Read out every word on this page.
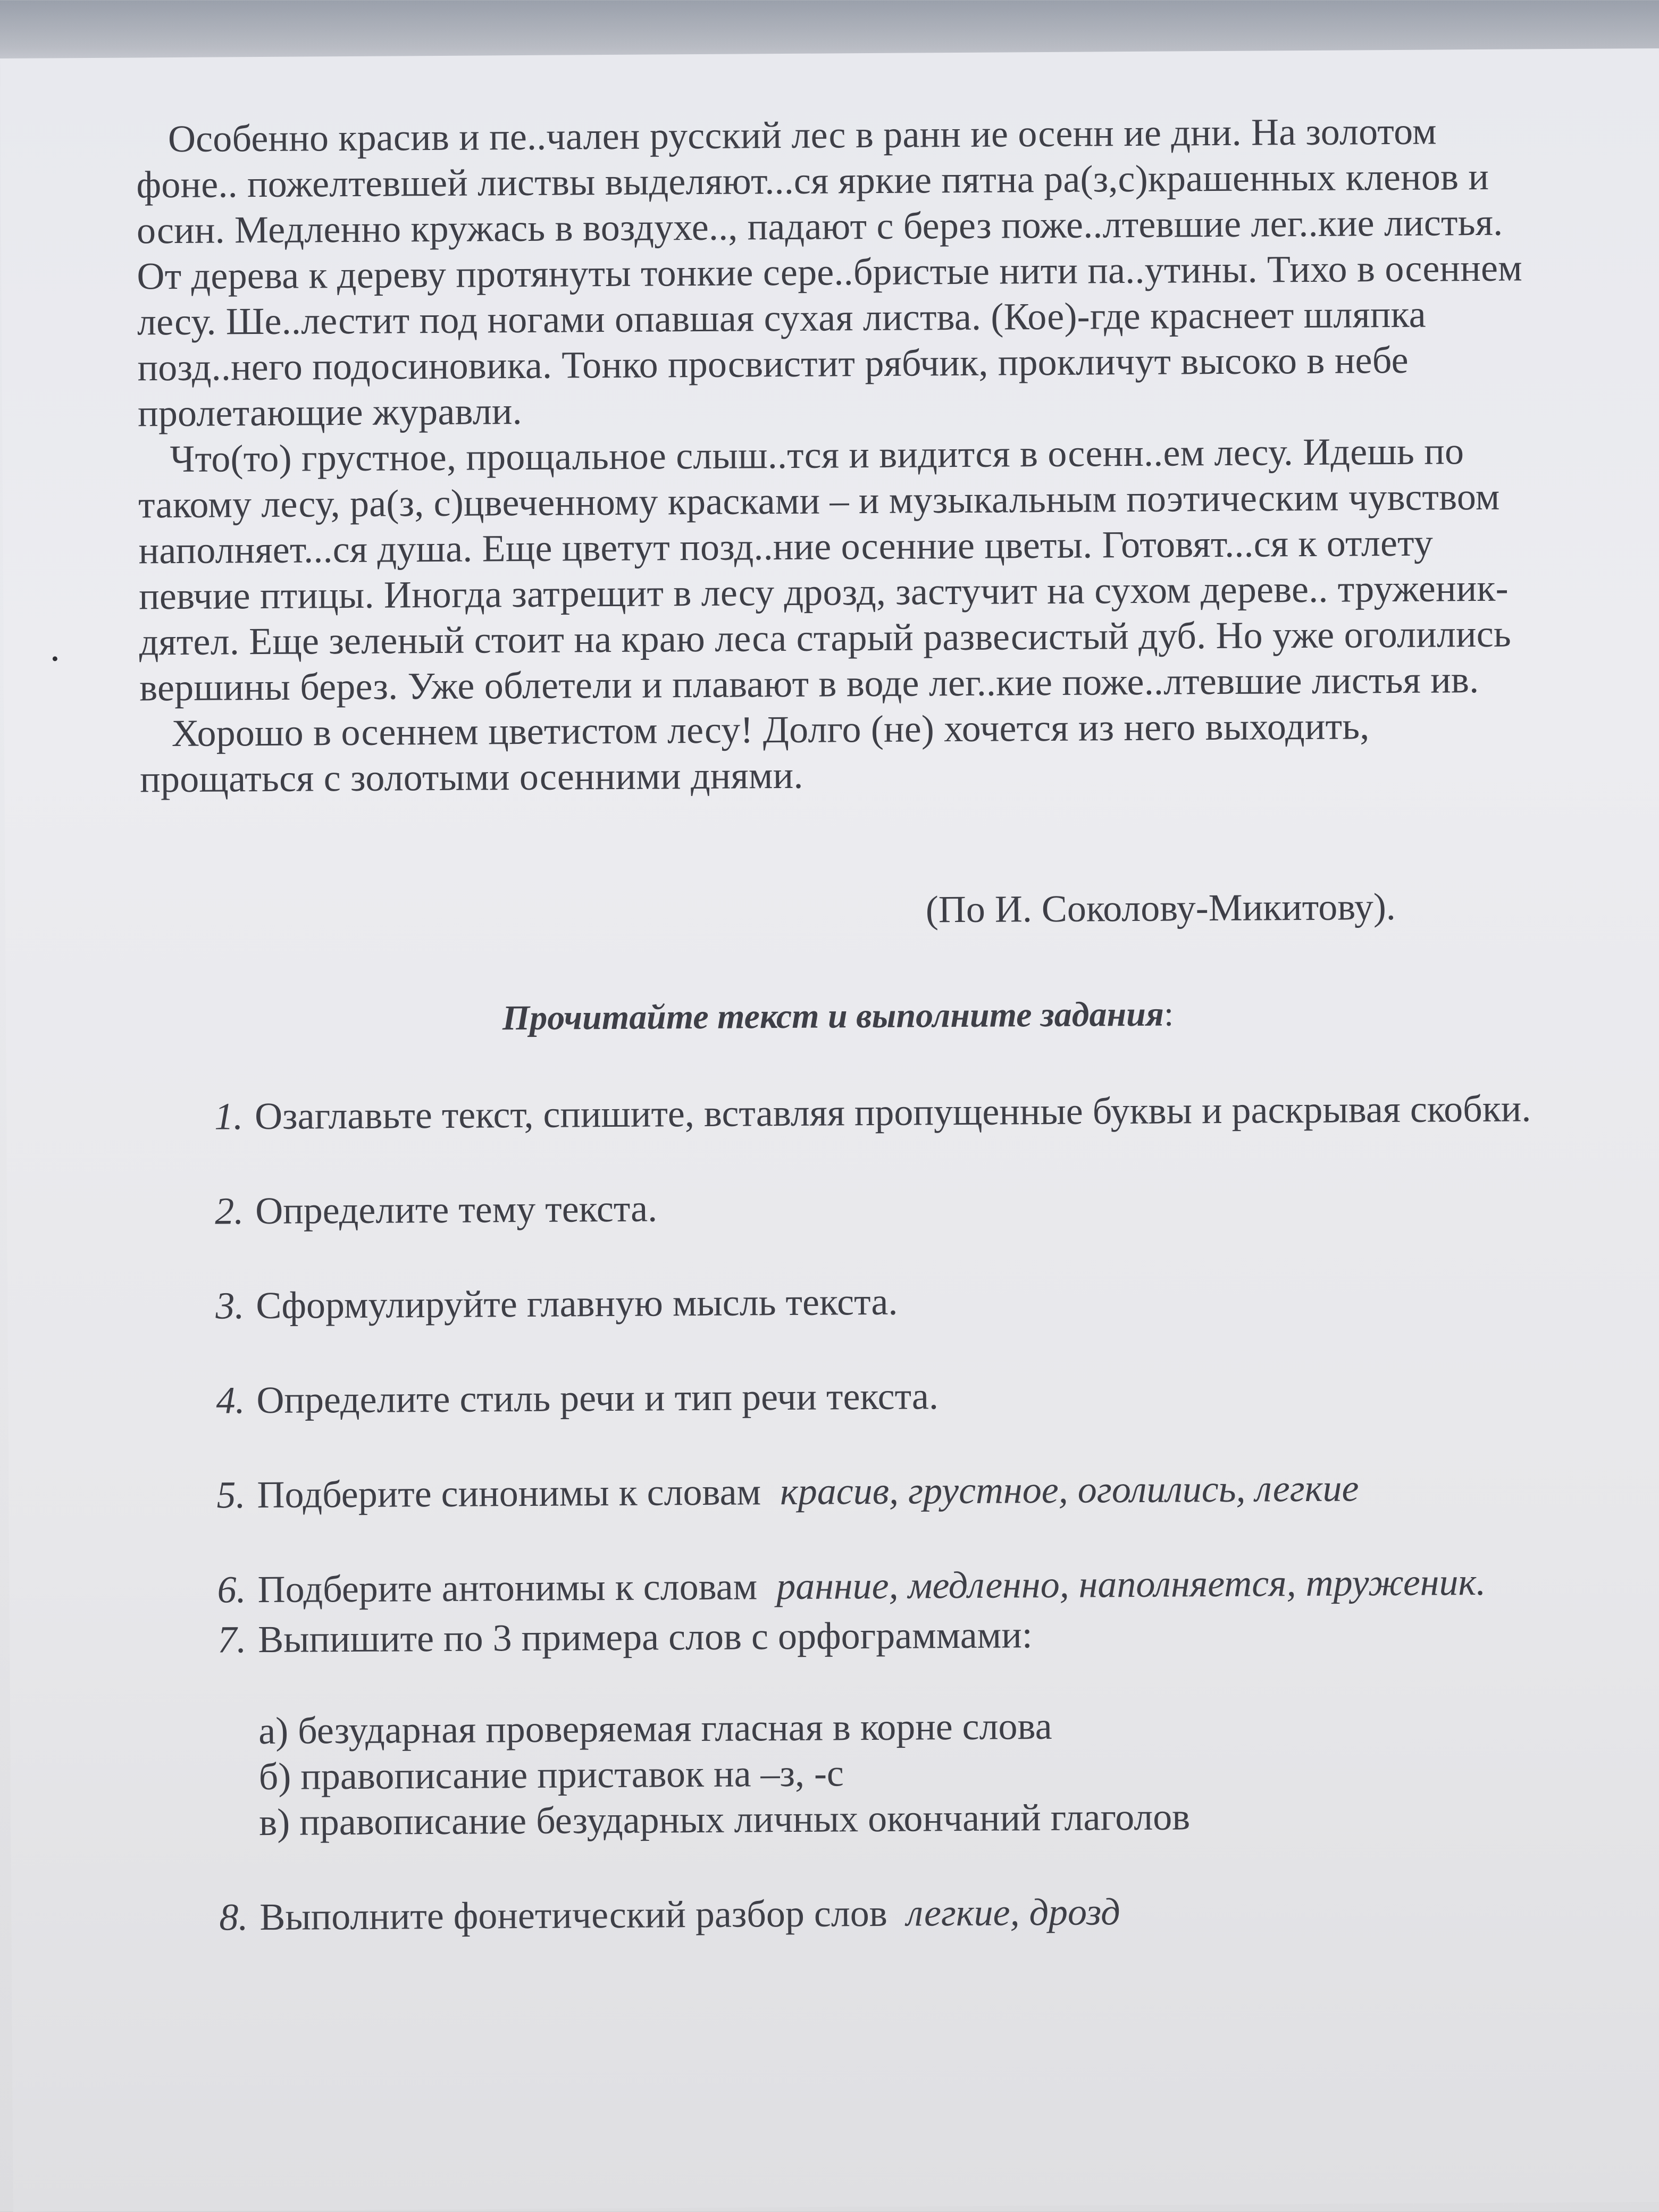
Особенно красив и пе..чален русский лес в ранн ие осенн ие дни. На золотом фоне.. пожелтевшей листвы выделяют...ся яркие пятна ра(з,с)крашенных кленов и осин. Медленно кружась в воздухе.., падают с берез поже..лтевшие лег..кие листья. От дерева к дереву протянуты тонкие сере..бристые нити па..утины. Тихо в осеннем лесу. Ше..лестит под ногами опавшая сухая листва. (Кое)-где краснеет шляпка позд..него подосиновика. Тонко просвистит рябчик, прокличут высоко в небе пролетающие журавли.

Что(то) грустное, прощальное слыш..тся и видится в осенн..ем лесу. Идешь по такому лесу, ра(з, с)цвеченному красками – и музыкальным поэтическим чувством наполняет...ся душа. Еще цветут позд..ние осенние цветы. Готовят...ся к отлету певчие птицы. Иногда затрещит в лесу дрозд, застучит на сухом дереве.. труженик-дятел. Еще зеленый стоит на краю леса старый развесистый дуб. Но уже оголились вершины берез. Уже облетели и плавают в воде лег..кие поже..лтевшие листья ив.

Хорошо в осеннем цветистом лесу! Долго (не) хочется из него выходить, прощаться с золотыми осенними днями.

(По И. Соколову-Микитову).
Прочитайте текст и выполните задания:
1. Озаглавьте текст, спишите, вставляя пропущенные буквы и раскрывая скобки.
2. Определите тему текста.
3. Сформулируйте главную мысль текста.
4. Определите стиль речи и тип речи текста.
5. Подберите синонимы к словам красив, грустное, оголились, легкие
6. Подберите антонимы к словам ранние, медленно, наполняется, труженик.
7. Выпишите по 3 примера слов с орфограммами:
а) безударная проверяемая гласная в корне слова
б) правописание приставок на –з, -с
в) правописание безударных личных окончаний глаголов
8. Выполните фонетический разбор слов легкие, дрозд
